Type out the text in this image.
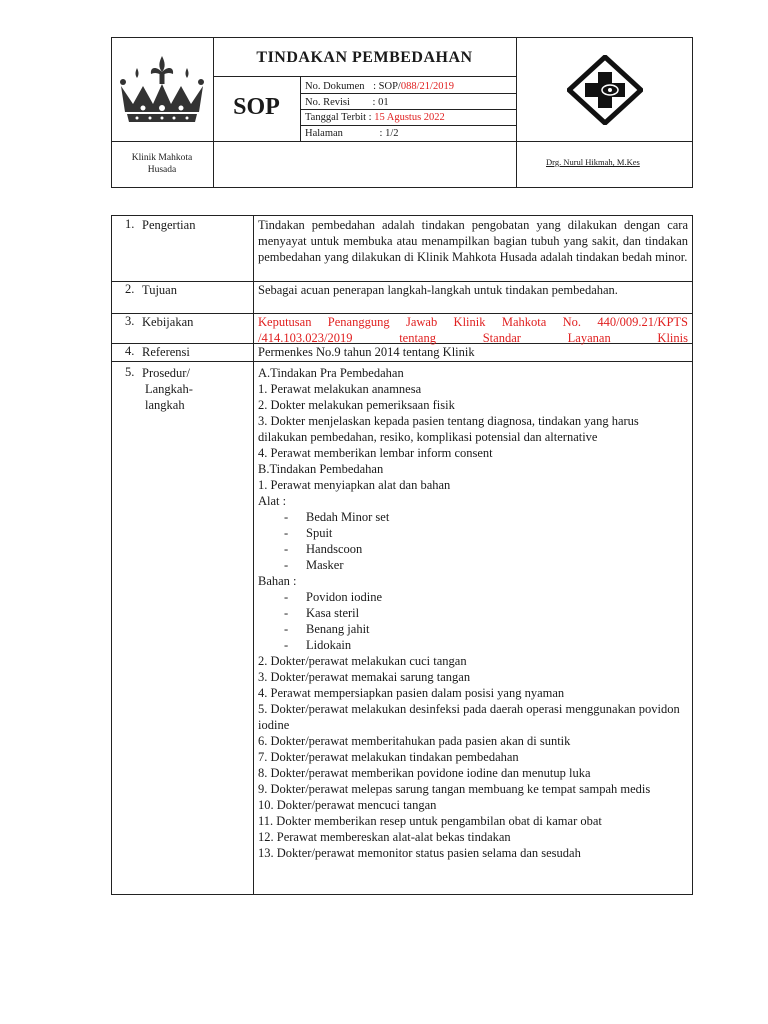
TINDAKAN PEMBEDAHAN
SOP
No. Dokumen : SOP/088/21/2019
No. Revisi : 01
Tanggal Terbit : 15 Agustus 2022
Halaman	: 1/2
Klinik Mahkota Husada
Drg. Nurul Hikmah, M.Kes
1. Pengertian	Tindakan pembedahan adalah tindakan pengobatan yang dilakukan dengan cara menyayat untuk membuka atau menampilkan bagian tubuh yang sakit, dan tindakan pembedahan yang dilakukan di Klinik Mahkota Husada adalah tindakan bedah minor.
2. Tujuan	Sebagai acuan penerapan langkah-langkah untuk tindakan pembedahan.
3. Kebijakan	Keputusan Penanggung Jawab Klinik Mahkota No. 440/009.21/KPTS /414.103.023/2019 tentang Standar Layanan Klinis
4. Referensi	Permenkes No.9 tahun 2014 tentang Klinik
5. Prosedur/
Langkah-
langkah
A.Tindakan Pra Pembedahan
1. Perawat melakukan anamnesa
2. Dokter melakukan pemeriksaan fisik
3. Dokter menjelaskan kepada pasien tentang diagnosa, tindakan yang harus dilakukan pembedahan, resiko, komplikasi potensial dan alternative
4. Perawat memberikan lembar inform consent
B.Tindakan Pembedahan
1. Perawat menyiapkan alat dan bahan
Alat :
- Bedah Minor set
- Spuit
- Handscoon
- Masker
Bahan :
- Povidon iodine
- Kasa steril
- Benang jahit
- Lidokain
2. Dokter/perawat melakukan cuci tangan
3. Dokter/perawat memakai sarung tangan
4. Perawat mempersiapkan pasien dalam posisi yang nyaman
5. Dokter/perawat melakukan desinfeksi pada daerah operasi menggunakan povidon iodine
6. Dokter/perawat memberitahukan pada pasien akan di suntik
7. Dokter/perawat melakukan tindakan pembedahan
8. Dokter/perawat memberikan povidone iodine dan menutup luka
9. Dokter/perawat melepas sarung tangan membuang ke tempat sampah medis
10. Dokter/perawat mencuci tangan
11. Dokter memberikan resep untuk pengambilan obat di kamar obat
12. Perawat membereskan alat-alat bekas tindakan
13. Dokter/perawat memonitor status pasien selama dan sesudah
